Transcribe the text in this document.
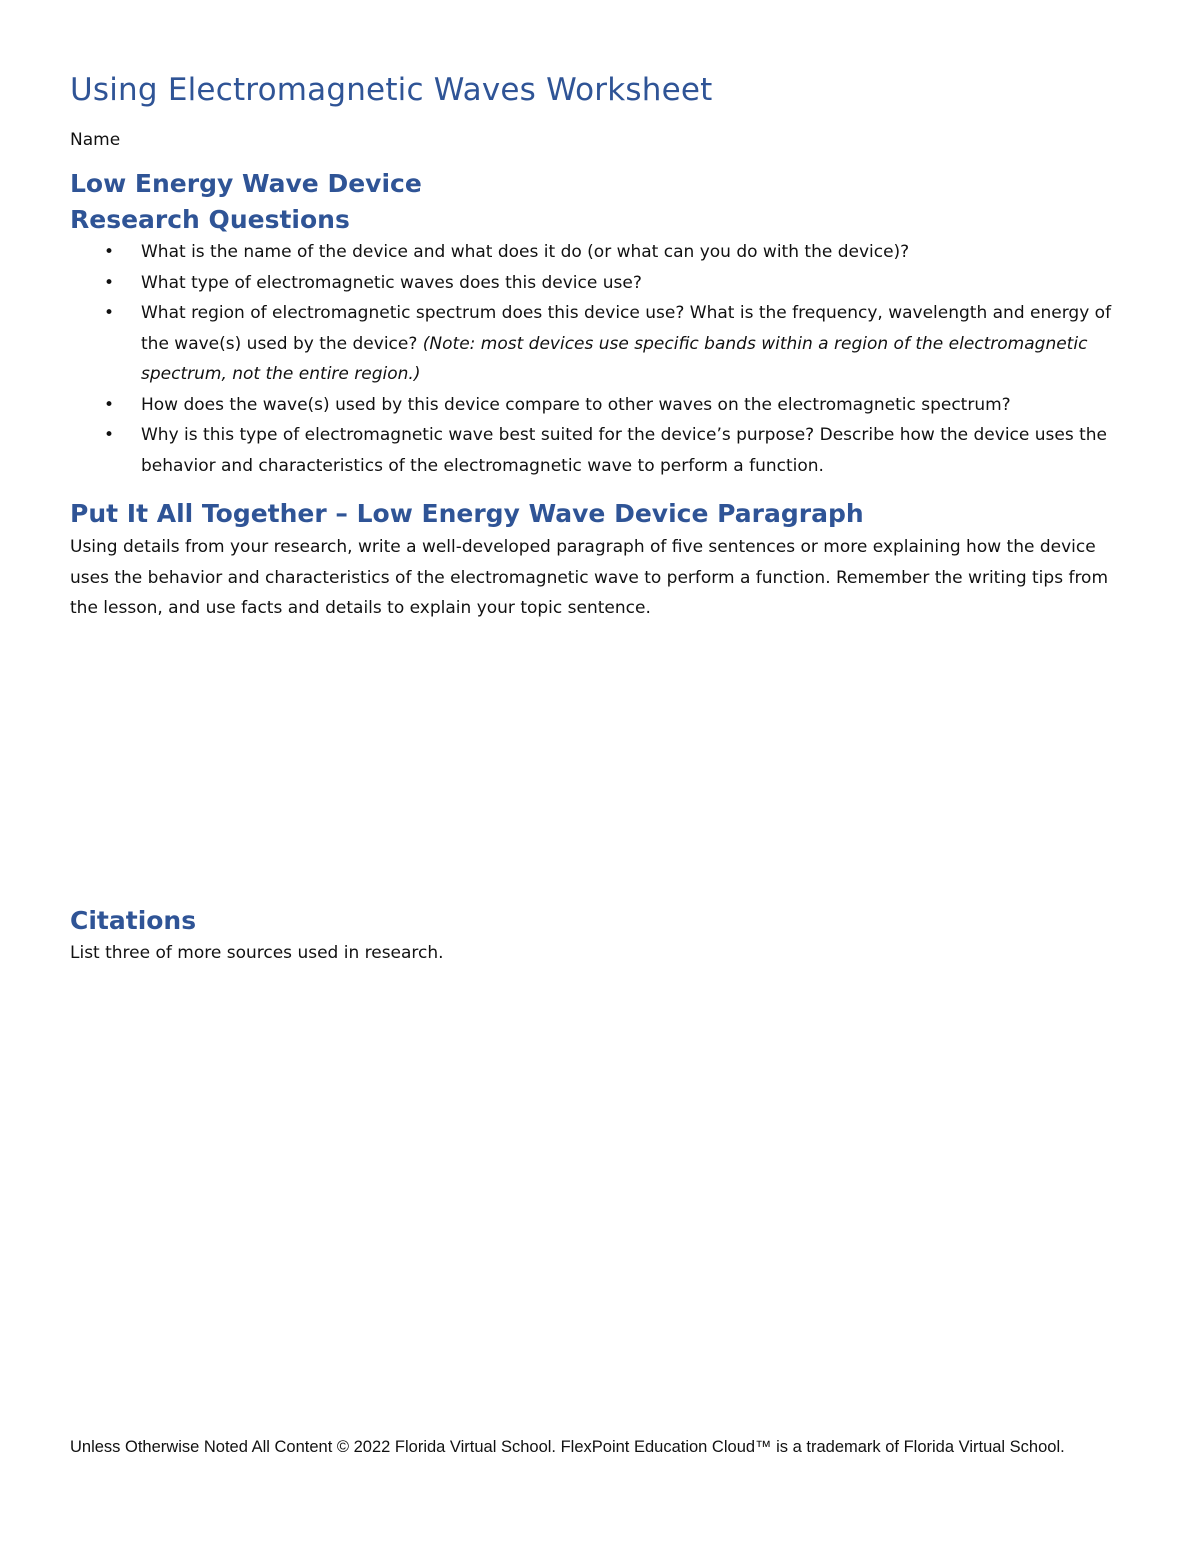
Using Electromagnetic Waves Worksheet
Name
Low Energy Wave Device
Research Questions
• What is the name of the device and what does it do (or what can you do with the device)?
• What type of electromagnetic waves does this device use?
• What region of electromagnetic spectrum does this device use? What is the frequency, wavelength and energy of the wave(s) used by the device? (Note: most devices use specific bands within a region of the electromagnetic spectrum, not the entire region.)
• How does the wave(s) used by this device compare to other waves on the electromagnetic spectrum?
• Why is this type of electromagnetic wave best suited for the device’s purpose? Describe how the device uses the behavior and characteristics of the electromagnetic wave to perform a function.
Put It All Together – Low Energy Wave Device Paragraph

Using details from your research, write a well-developed paragraph of five sentences or more explaining how the device uses the behavior and characteristics of the electromagnetic wave to perform a function. Remember the writing tips from the lesson, and use facts and details to explain your topic sentence.

Citations

List three of more sources used in research.

Unless Otherwise Noted All Content © 2022 Florida Virtual School. FlexPoint Education Cloud™ is a trademark of Florida Virtual School.
